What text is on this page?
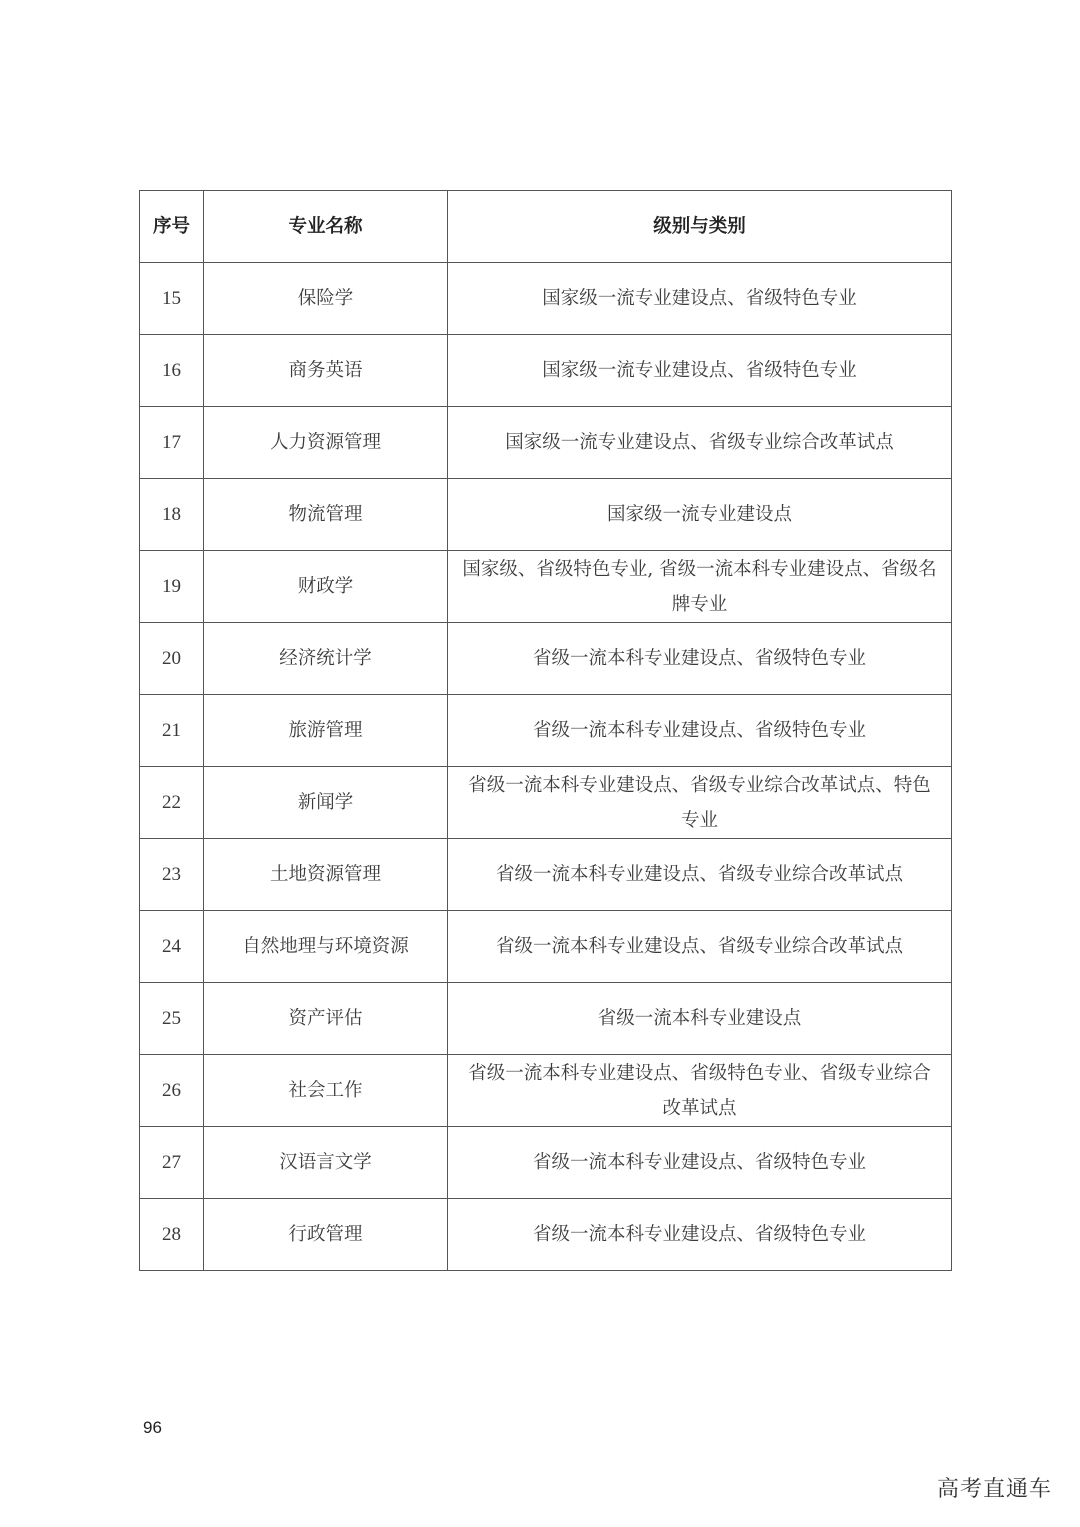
序号	专业名称	级别与类别
15	保险学	国家级一流专业建设点、省级特色专业
16	商务英语	国家级一流专业建设点、省级特色专业
17	人力资源管理	国家级一流专业建设点、省级专业综合改革试点
18	物流管理	国家级一流专业建设点
19	财政学	国家级、省级特色专业, 省级一流本科专业建设点、省级名牌专业
20	经济统计学	省级一流本科专业建设点、省级特色专业
21	旅游管理	省级一流本科专业建设点、省级特色专业
22	新闻学	省级一流本科专业建设点、省级专业综合改革试点、特色专业
23	土地资源管理	省级一流本科专业建设点、省级专业综合改革试点
24	自然地理与环境资源	省级一流本科专业建设点、省级专业综合改革试点
25	资产评估	省级一流本科专业建设点
26	社会工作	省级一流本科专业建设点、省级特色专业、省级专业综合改革试点
27	汉语言文学	省级一流本科专业建设点、省级特色专业
28	行政管理	省级一流本科专业建设点、省级特色专业
96
高考直通车
